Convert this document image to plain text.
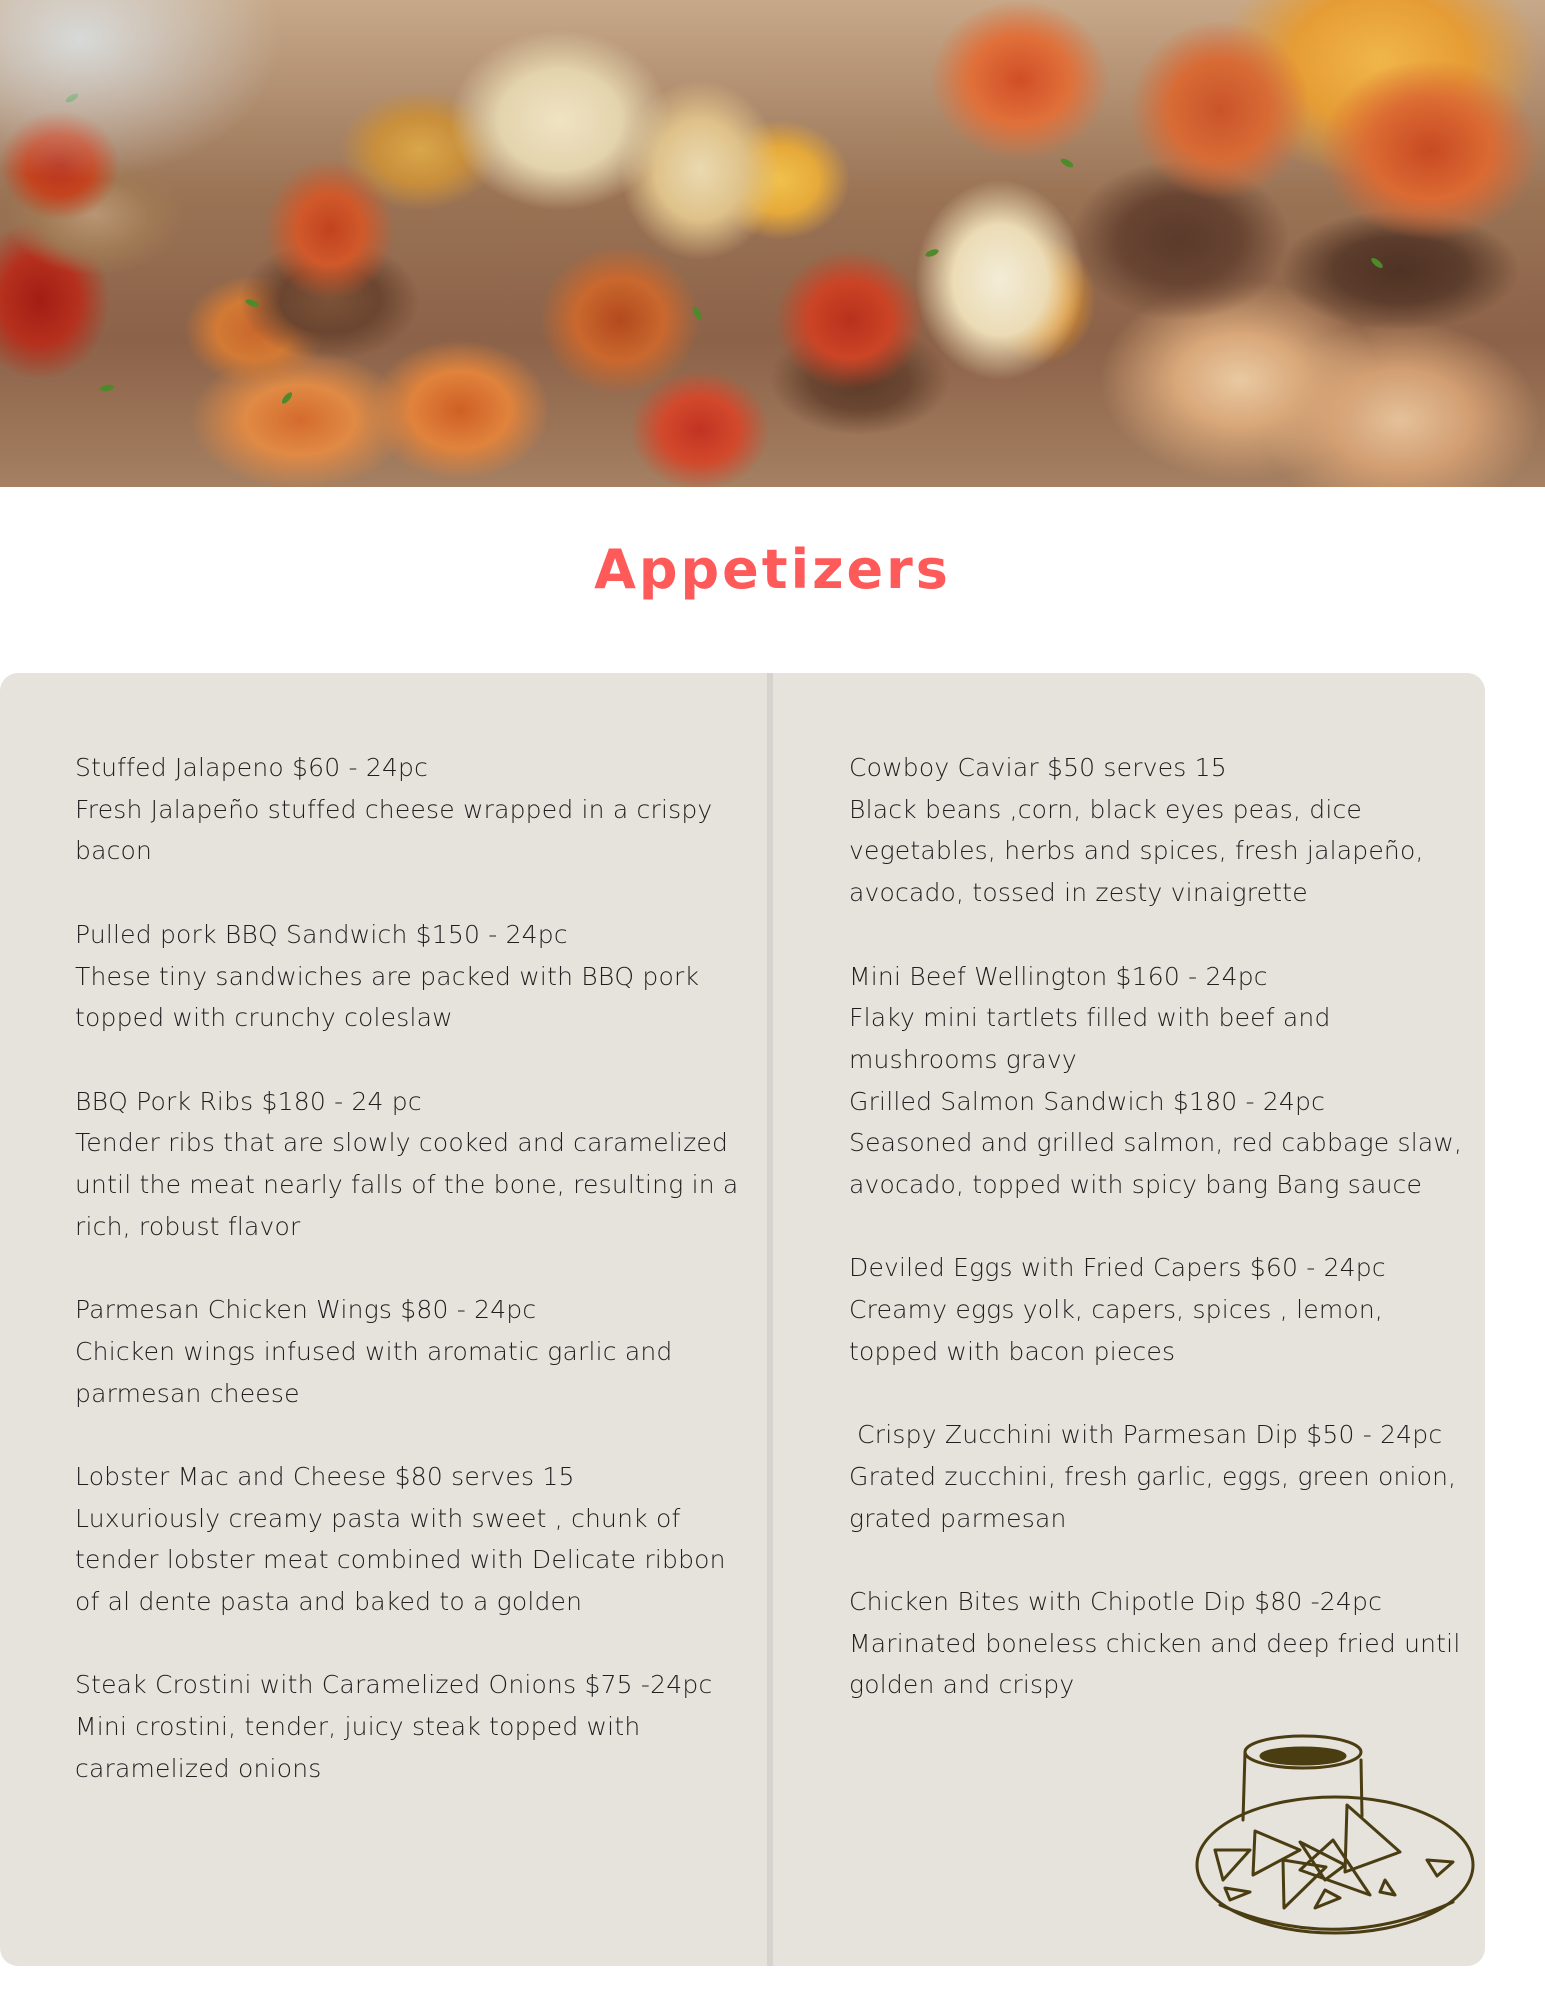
Appetizers
Stuffed Jalapeno $60 - 24pc
Fresh Jalapeño stuffed cheese wrapped in a crispy bacon
Pulled pork BBQ Sandwich $150 - 24pc
These tiny sandwiches are packed with BBQ pork topped with crunchy coleslaw
BBQ Pork Ribs $180 - 24 pc
Tender ribs that are slowly cooked and caramelized until the meat nearly falls of the bone, resulting in a rich, robust flavor
Parmesan Chicken Wings $80 - 24pc
Chicken wings infused with aromatic garlic and parmesan cheese
Lobster Mac and Cheese $80 serves 15
Luxuriously creamy pasta with sweet , chunk of tender lobster meat combined with Delicate ribbon of al dente pasta and baked to a golden
Steak Crostini with Caramelized Onions $75 -24pc
Mini crostini, tender, juicy steak topped with caramelized onions
Cowboy Caviar $50 serves 15
Black beans ,corn, black eyes peas, dice vegetables, herbs and spices, fresh jalapeño, avocado, tossed in zesty vinaigrette
Mini Beef Wellington $160 - 24pc
Flaky mini tartlets filled with beef and mushrooms gravy
Grilled Salmon Sandwich $180 - 24pc
Seasoned and grilled salmon, red cabbage slaw, avocado, topped with spicy bang Bang sauce
Deviled Eggs with Fried Capers $60 - 24pc
Creamy eggs yolk, capers, spices , lemon, topped with bacon pieces
Crispy Zucchini with Parmesan Dip $50 - 24pc
Grated zucchini, fresh garlic, eggs, green onion, grated parmesan
Chicken Bites with Chipotle Dip $80 -24pc
Marinated boneless chicken and deep fried until golden and crispy
